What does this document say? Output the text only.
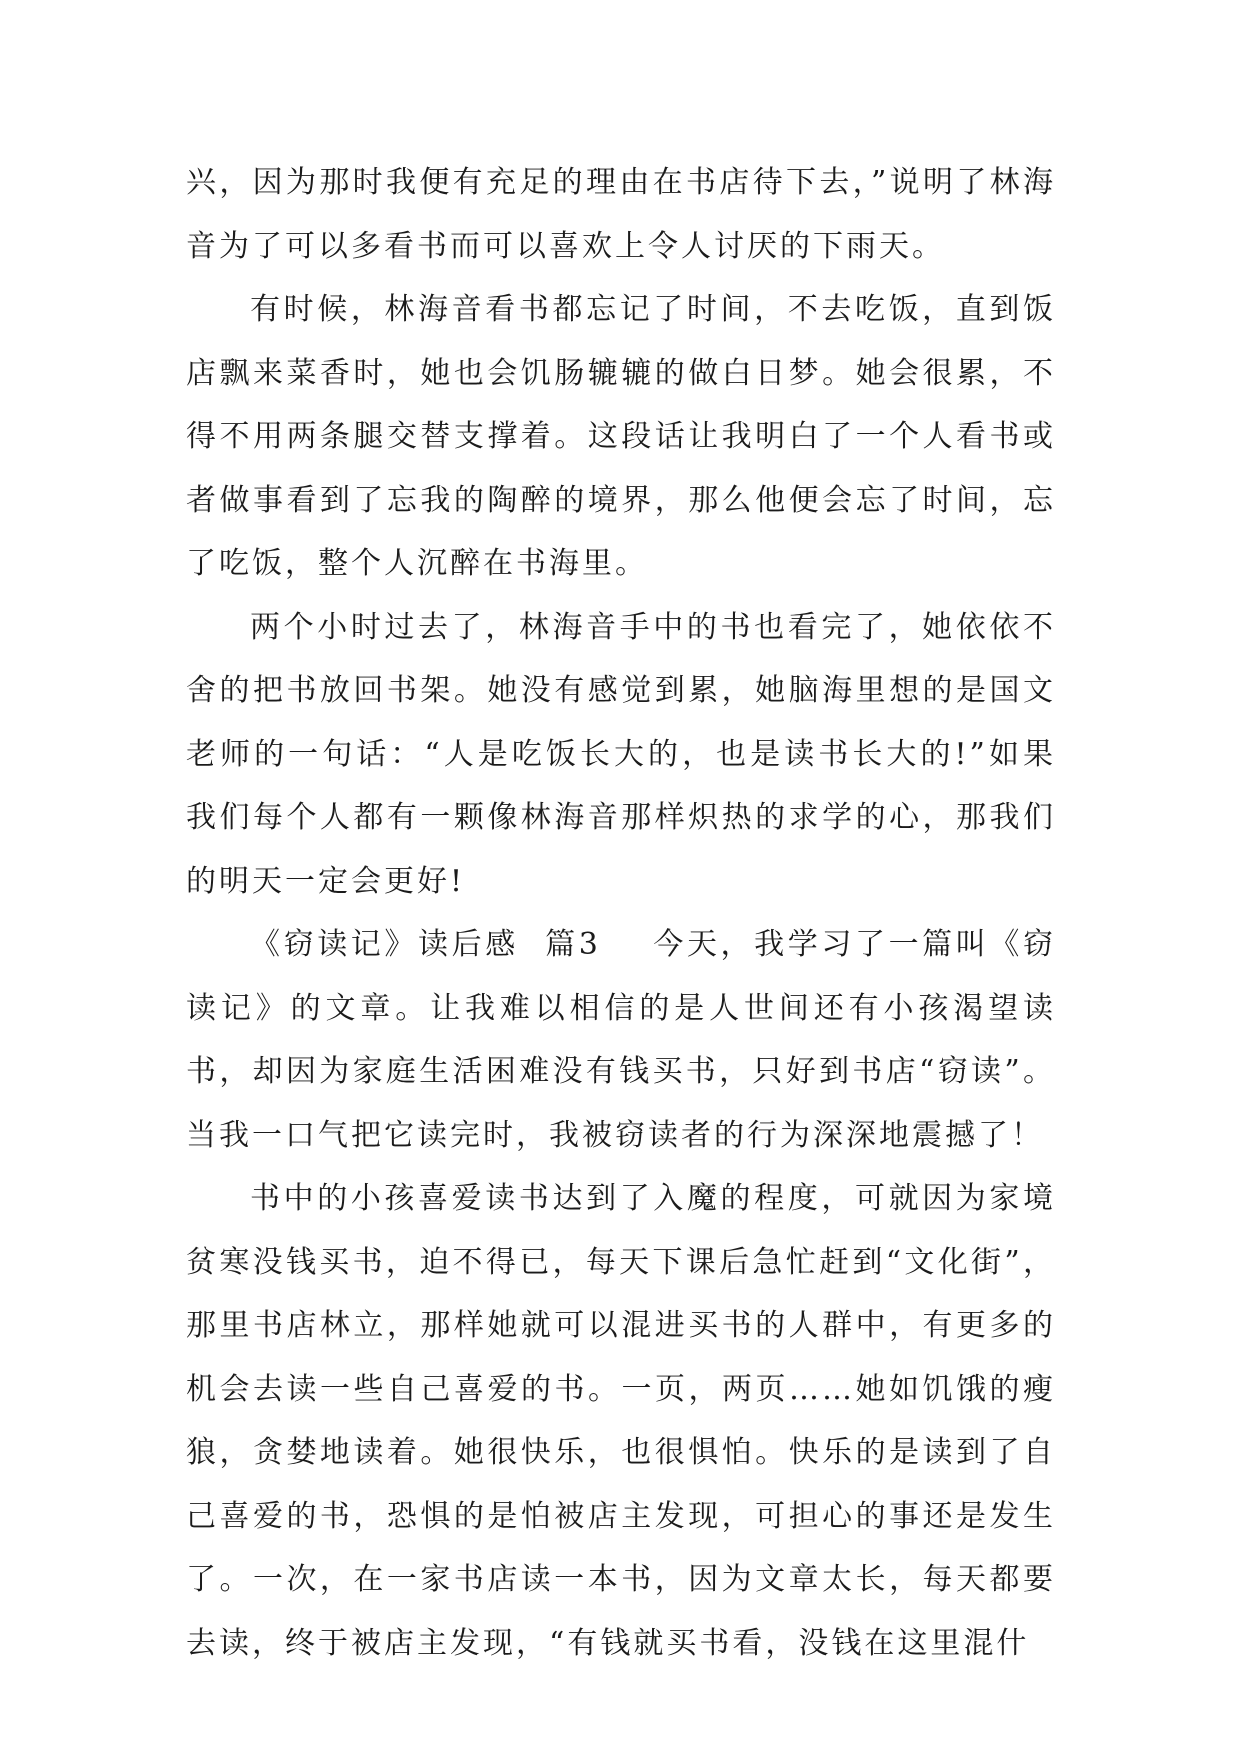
兴，因为那时我便有充足的理由在书店待下去，”说明了林海音为了可以多看书而可以喜欢上令人讨厌的下雨天。

有时候，林海音看书都忘记了时间，不去吃饭，直到饭店飘来菜香时，她也会饥肠辘辘的做白日梦。她会很累，不得不用两条腿交替支撑着。这段话让我明白了一个人看书或者做事看到了忘我的陶醉的境界，那么他便会忘了时间，忘了吃饭，整个人沉醉在书海里。

两个小时过去了，林海音手中的书也看完了，她依依不舍的把书放回书架。她没有感觉到累，她脑海里想的是国文老师的一句话：“人是吃饭长大的，也是读书长大的!”如果我们每个人都有一颗像林海音那样炽热的求学的心，那我们的明天一定会更好!

《窃读记》读后感  篇3    今天，我学习了一篇叫《窃读记》的文章。让我难以相信的是人世间还有小孩渴望读书，却因为家庭生活困难没有钱买书，只好到书店“窃读”。 当我一口气把它读完时，我被窃读者的行为深深地震撼了！

书中的小孩喜爱读书达到了入魔的程度，可就因为家境贫寒没钱买书，迫不得已，每天下课后急忙赶到“文化街”，那里书店林立，那样她就可以混进买书的人群中，有更多的机会去读一些自己喜爱的书。一页，两页……她如饥饿的瘦狼，贪婪地读着。她很快乐，也很惧怕。快乐的是读到了自己喜爱的书，恐惧的是怕被店主发现，可担心的事还是发生了。一次，在一家书店读一本书，因为文章太长，每天都要去读，终于被店主发现，“有钱就买书看，没钱在这里混什
